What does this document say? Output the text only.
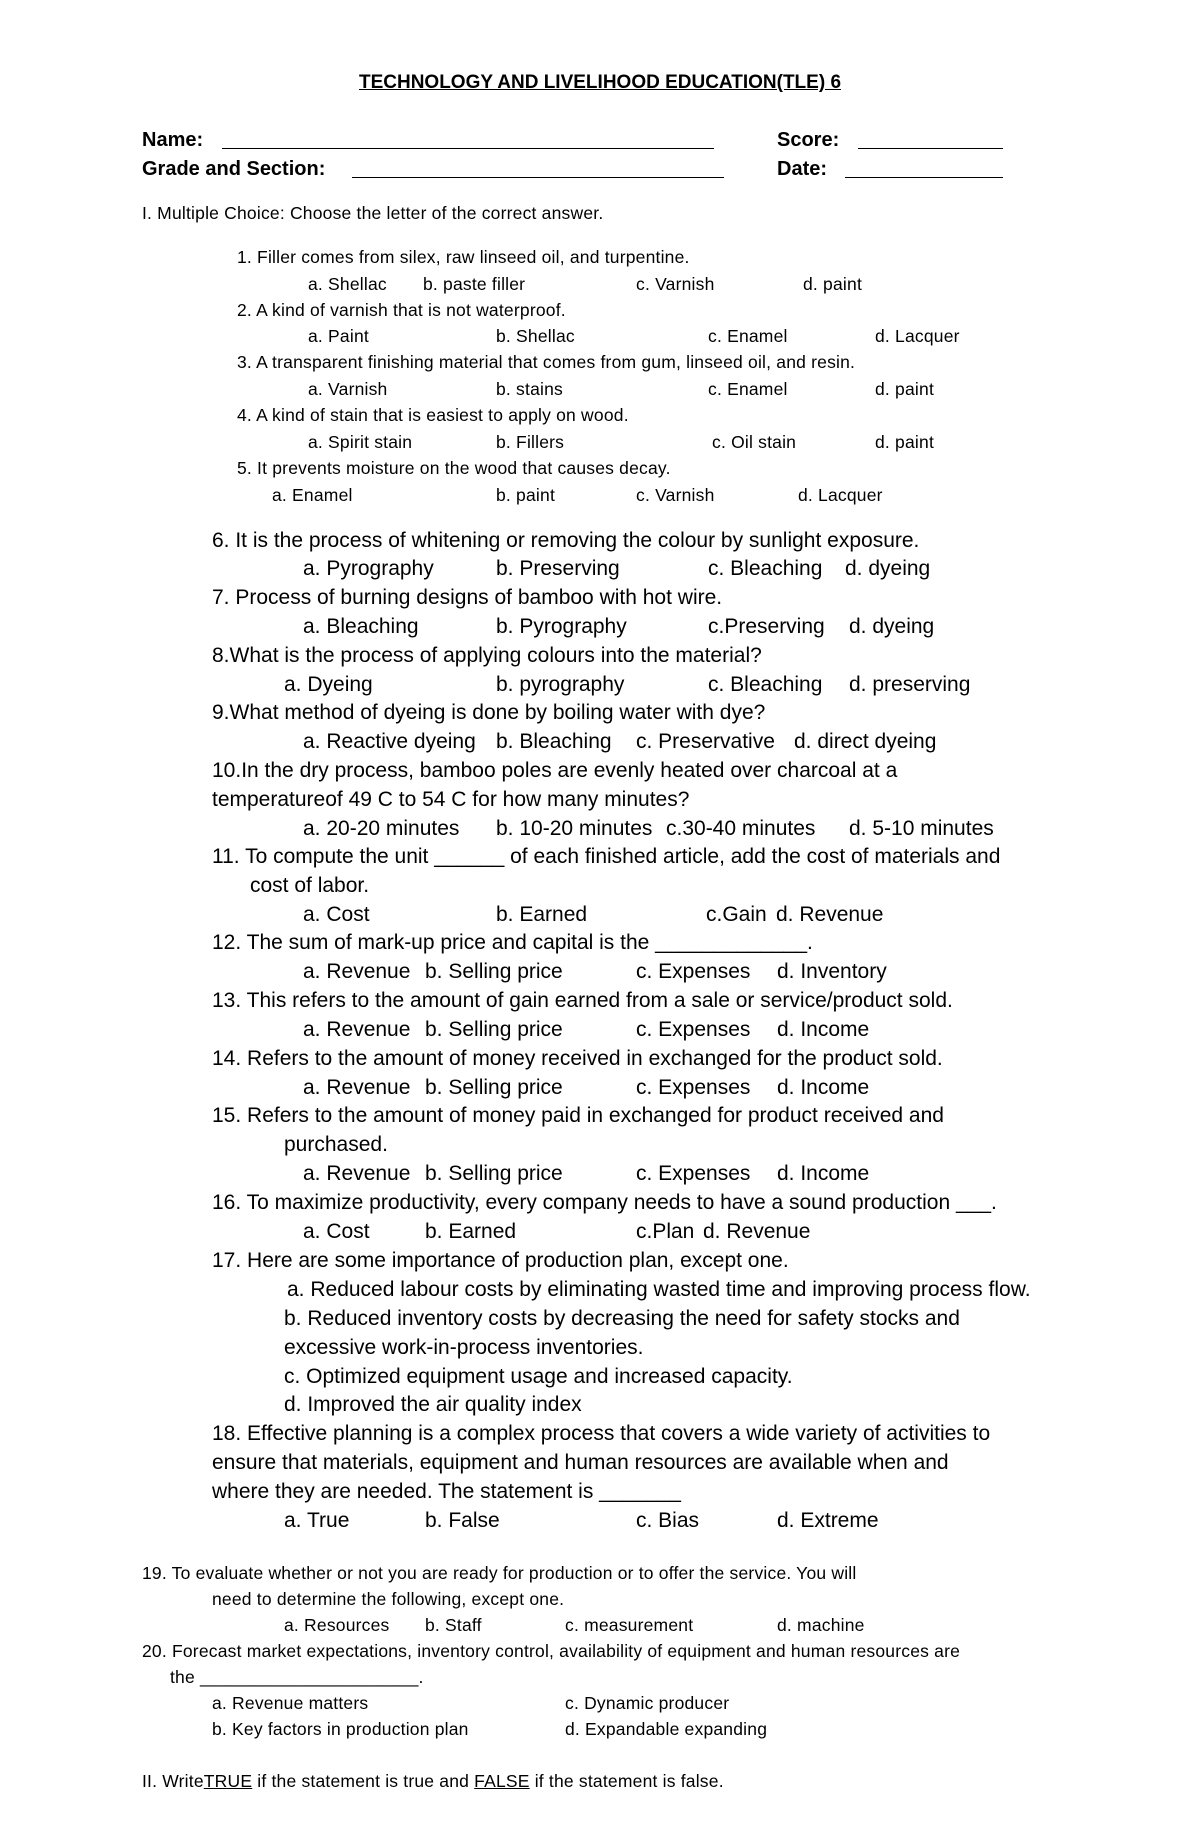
TECHNOLOGY AND LIVELIHOOD EDUCATION(TLE) 6
Name:	Score:
Grade and Section:	Date:
I. Multiple Choice: Choose the letter of the correct answer.
1. Filler comes from silex, raw linseed oil, and turpentine.
a. Shellac b. paste filler	c. Varnish	d. paint
2. A kind of varnish that is not waterproof.
a. Paint	b. Shellac	c. Enamel	d. Lacquer
3. A transparent finishing material that comes from gum, linseed oil, and resin.
a. Varnish	b. stains	c. Enamel	d. paint
4. A kind of stain that is easiest to apply on wood.
a. Spirit stain	b. Fillers	c. Oil stain	d. paint
5. It prevents moisture on the wood that causes decay.
a. Enamel	b. paint	c. Varnish	d. Lacquer
6. It is the process of whitening or removing the colour by sunlight exposure.
a. Pyrography	b. Preserving	c. Bleaching d. dyeing
7. Process of burning designs of bamboo with hot wire.
a. Bleaching	b. Pyrography	c.Preserving d. dyeing
8.What is the process of applying colours into the material?
a. Dyeing	b. pyrography	c. Bleaching d. preserving
9.What method of dyeing is done by boiling water with dye?
a. Reactive dyeing b. Bleaching c. Preservative d. direct dyeing
10.In the dry process, bamboo poles are evenly heated over charcoal at a
temperatureof 49 C to 54 C for how many minutes?
a. 20-20 minutes b. 10-20 minutes c.30-40 minutes d. 5-10 minutes
11. To compute the unit ______ of each finished article, add the cost of materials and
cost of labor.
a. Cost	b. Earned	c.Gain d. Revenue
12. The sum of mark-up price and capital is the _____________.
a. Revenue b. Selling price	c. Expenses d. Inventory
13. This refers to the amount of gain earned from a sale or service/product sold.
a. Revenue b. Selling price	c. Expenses d. Income
14. Refers to the amount of money received in exchanged for the product sold.
a. Revenue b. Selling price	c. Expenses d. Income
15. Refers to the amount of money paid in exchanged for product received and
purchased.
a. Revenue b. Selling price	c. Expenses d. Income
16. To maximize productivity, every company needs to have a sound production ___.
a. Cost	b. Earned	c.Plan d. Revenue
17. Here are some importance of production plan, except one.
a. Reduced labour costs by eliminating wasted time and improving process flow.
b. Reduced inventory costs by decreasing the need for safety stocks and
excessive work-in-process inventories.
c. Optimized equipment usage and increased capacity.
d. Improved the air quality index
18. Effective planning is a complex process that covers a wide variety of activities to
ensure that materials, equipment and human resources are available when and
where they are needed. The statement is _______
a. True	b. False	c. Bias	d. Extreme
19. To evaluate whether or not you are ready for production or to offer the service. You will
need to determine the following, except one.
a. Resources b. Staff	c. measurement	d. machine
20. Forecast market expectations, inventory control, availability of equipment and human resources are
the ______________________.
a. Revenue matters	c. Dynamic producer
b. Key factors in production plan	d. Expandable expanding
II. WriteTRUE if the statement is true and FALSE if the statement is false.
